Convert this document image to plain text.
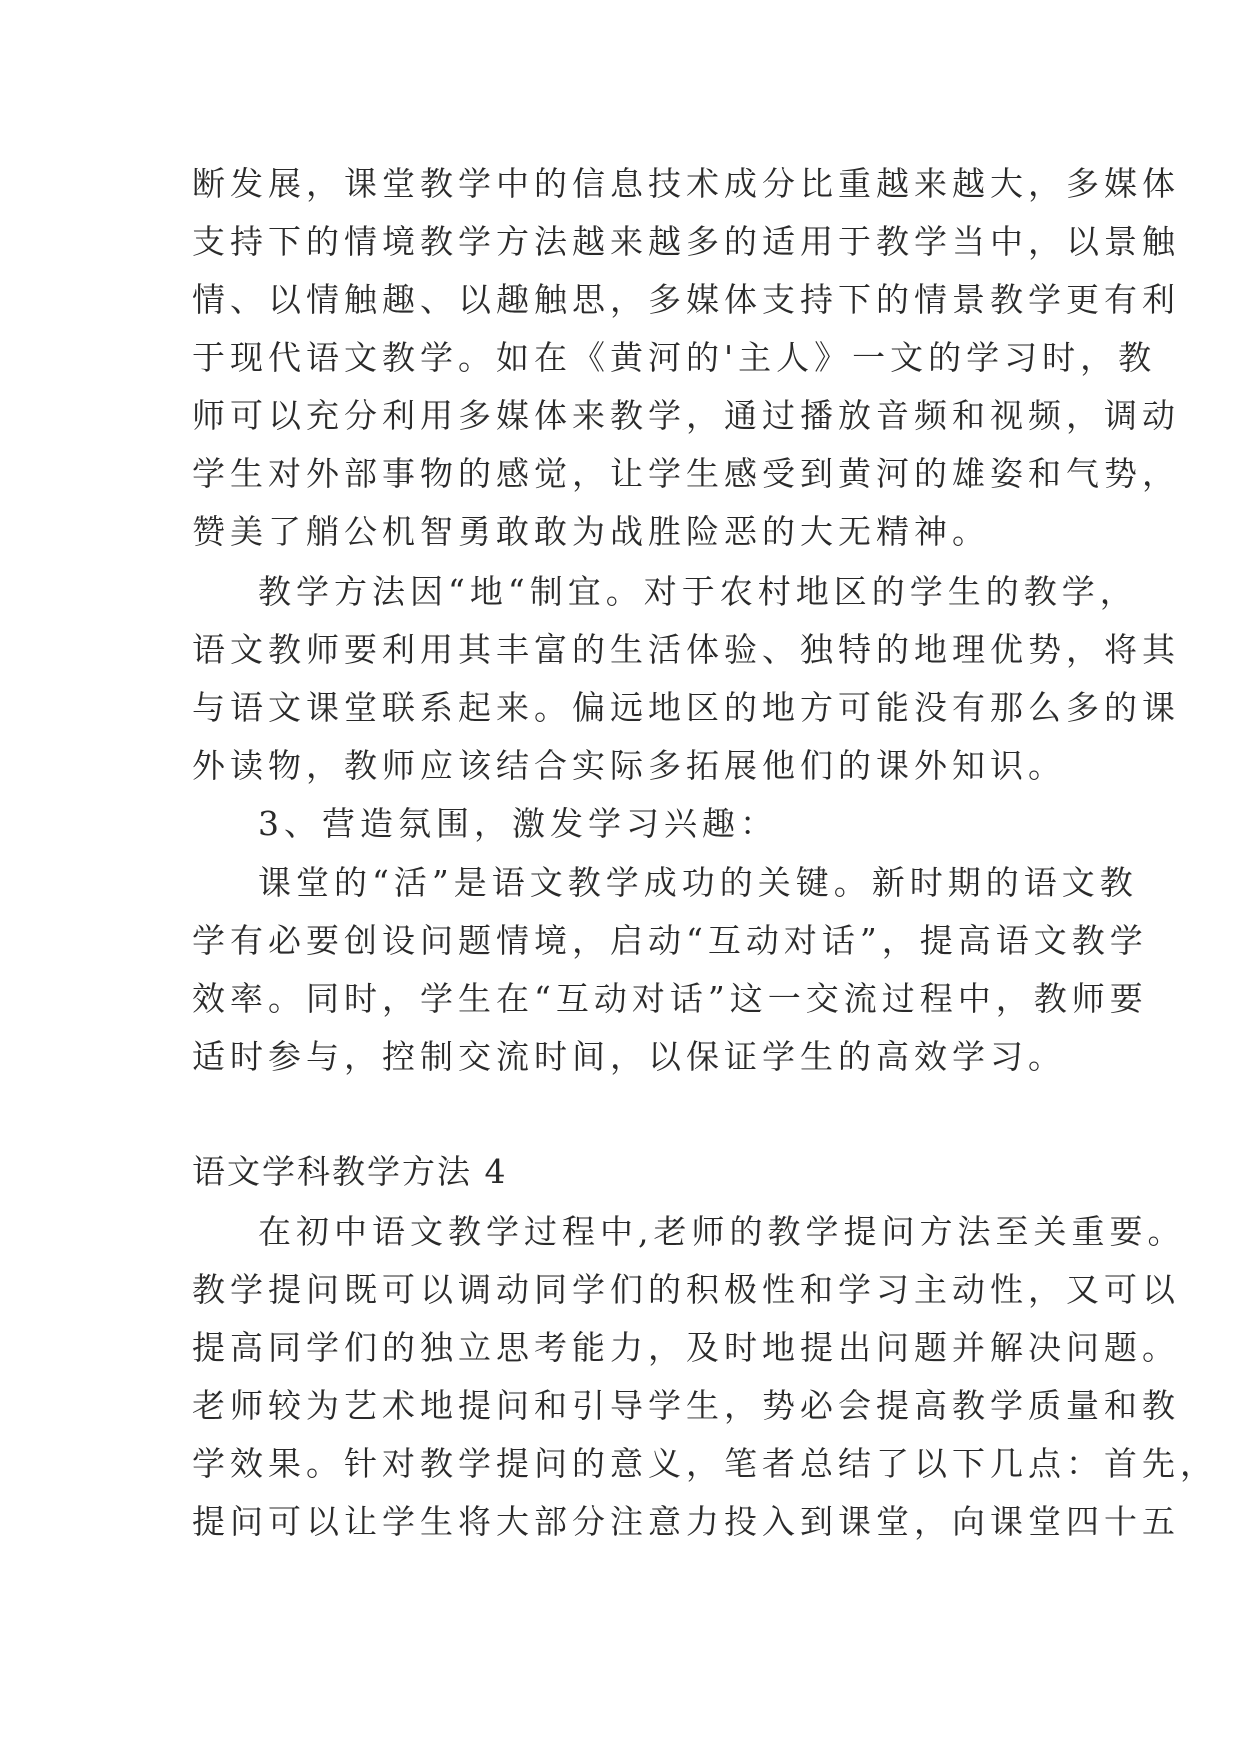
断发展，课堂教学中的信息技术成分比重越来越大，多媒体
支持下的情境教学方法越来越多的适用于教学当中，以景触
情、以情触趣、以趣触思，多媒体支持下的情景教学更有利
于现代语文教学。如在《黄河的'主人》一文的学习时，教
师可以充分利用多媒体来教学，通过播放音频和视频，调动
学生对外部事物的感觉，让学生感受到黄河的雄姿和气势，
赞美了艄公机智勇敢敢为战胜险恶的大无精神。
教学方法因“地“制宜。对于农村地区的学生的教学，
语文教师要利用其丰富的生活体验、独特的地理优势，将其
与语文课堂联系起来。偏远地区的地方可能没有那么多的课
外读物，教师应该结合实际多拓展他们的课外知识。
3、营造氛围，激发学习兴趣：
课堂的“活”是语文教学成功的关键。新时期的语文教
学有必要创设问题情境，启动“互动对话”，提高语文教学
效率。同时，学生在“互动对话”这一交流过程中，教师要
适时参与，控制交流时间，以保证学生的高效学习。
语文学科教学方法 4
在初中语文教学过程中,老师的教学提问方法至关重要。
教学提问既可以调动同学们的积极性和学习主动性，又可以
提高同学们的独立思考能力，及时地提出问题并解决问题。
老师较为艺术地提问和引导学生，势必会提高教学质量和教
学效果。针对教学提问的意义，笔者总结了以下几点：首先，
提问可以让学生将大部分注意力投入到课堂，向课堂四十五
